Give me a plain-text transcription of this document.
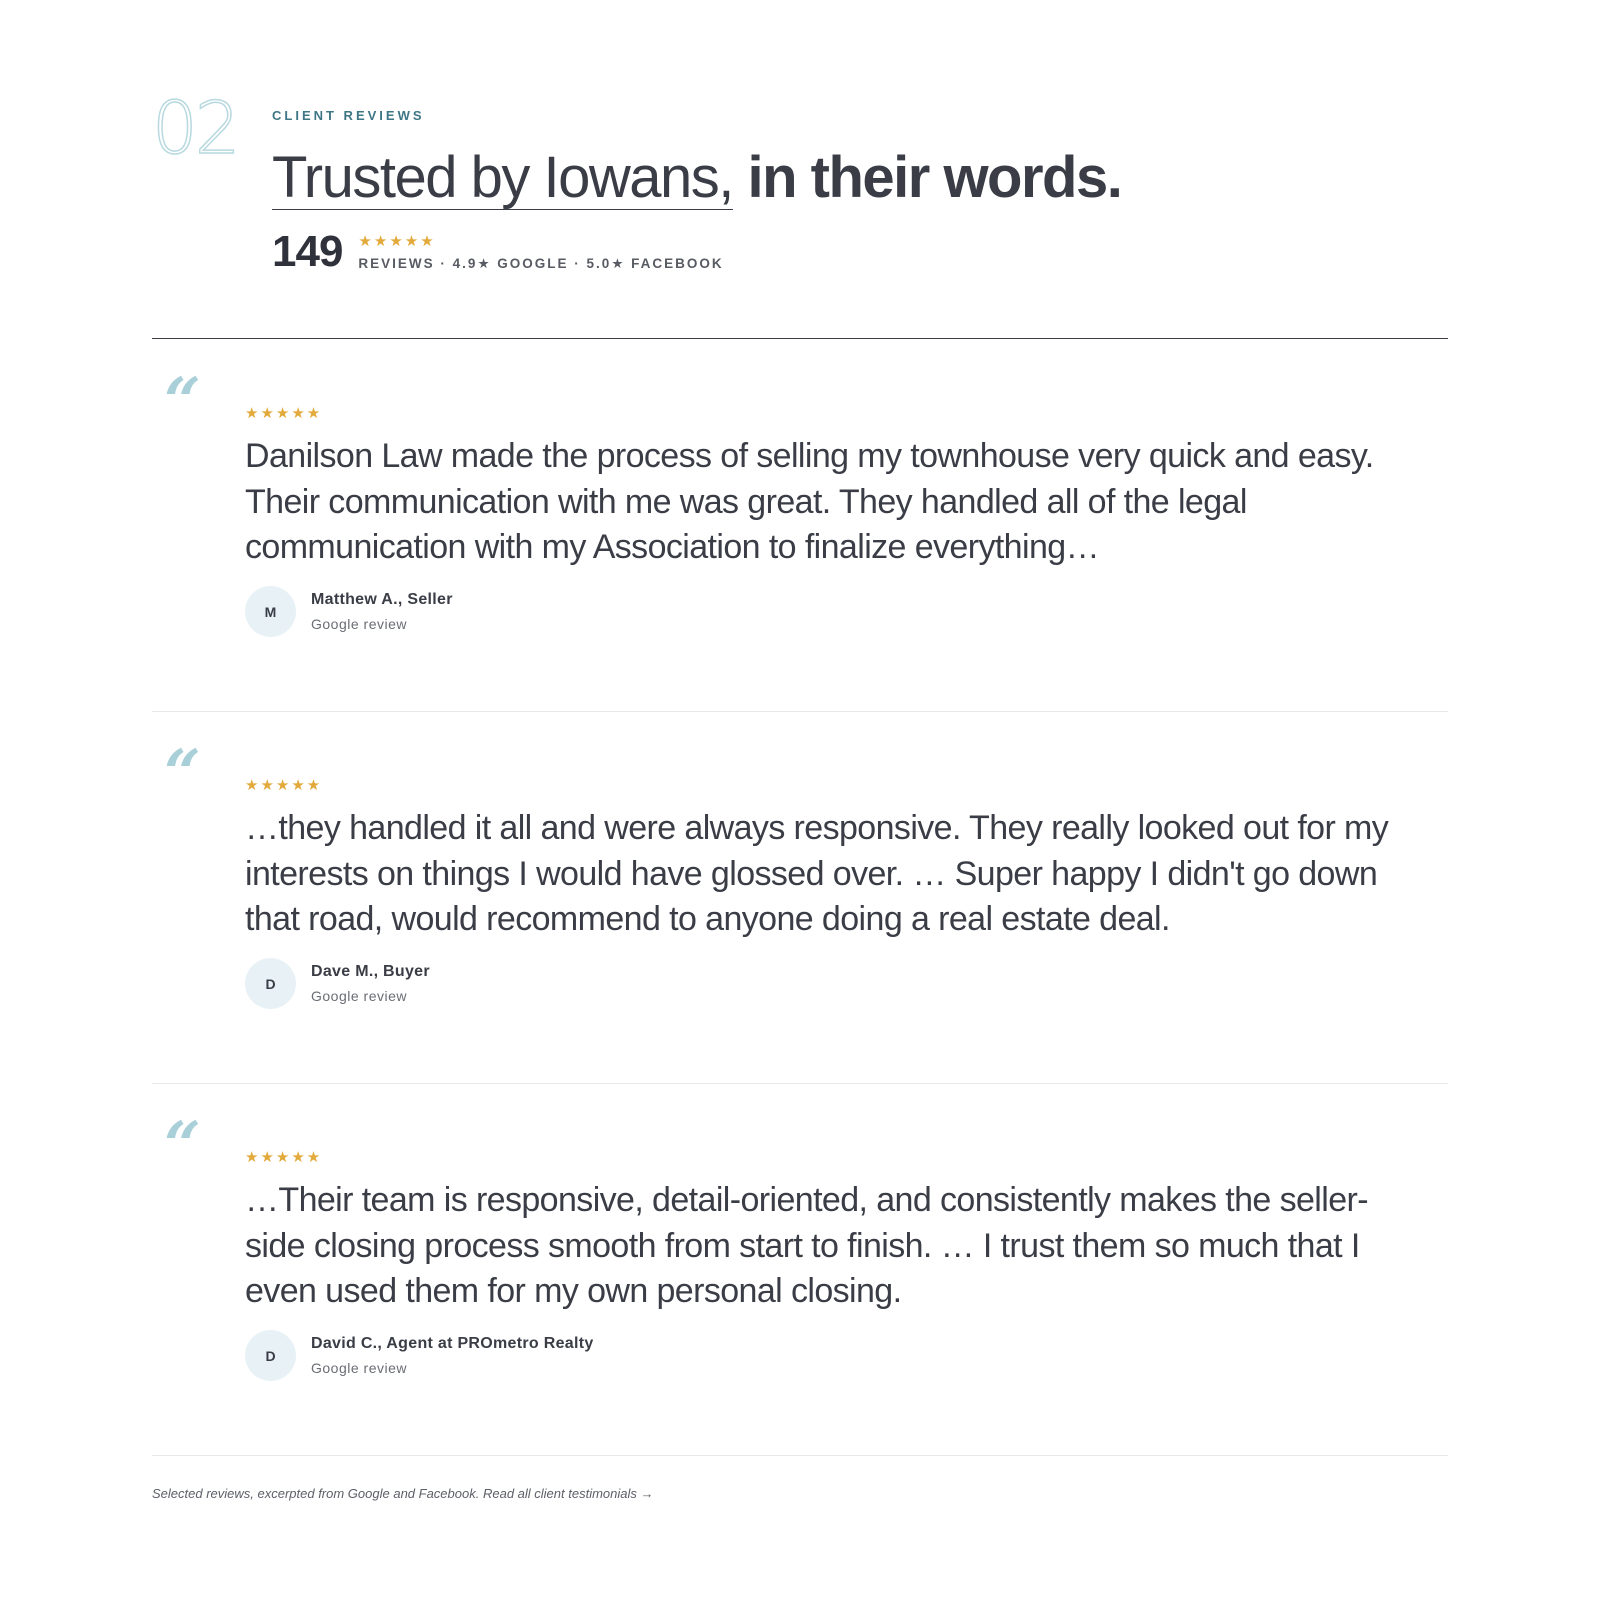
02	CLIENT REVIEWS
Trusted by Iowans, in their words.
149 ★★★★★
REVIEWS · 4.9★ GOOGLE · 5.0★ FACEBOOK
“	★★★★★
Danilson Law made the process of selling my townhouse very quick and easy. Their communication with me was great. They handled all of the legal communication with my Association to finalize everything…
M
Matthew A., Seller
Google review
“	★★★★★
…they handled it all and were always responsive. They really looked out for my interests on things I would have glossed over. … Super happy I didn't go down that road, would recommend to anyone doing a real estate deal.
D
Dave M., Buyer
Google review
“	★★★★★
…Their team is responsive, detail-oriented, and consistently makes the seller-side closing process smooth from start to finish. … I trust them so much that I even used them for my own personal closing.
D
David C., Agent at PROmetro Realty
Google review
Selected reviews, excerpted from Google and Facebook. Read all client testimonials →
